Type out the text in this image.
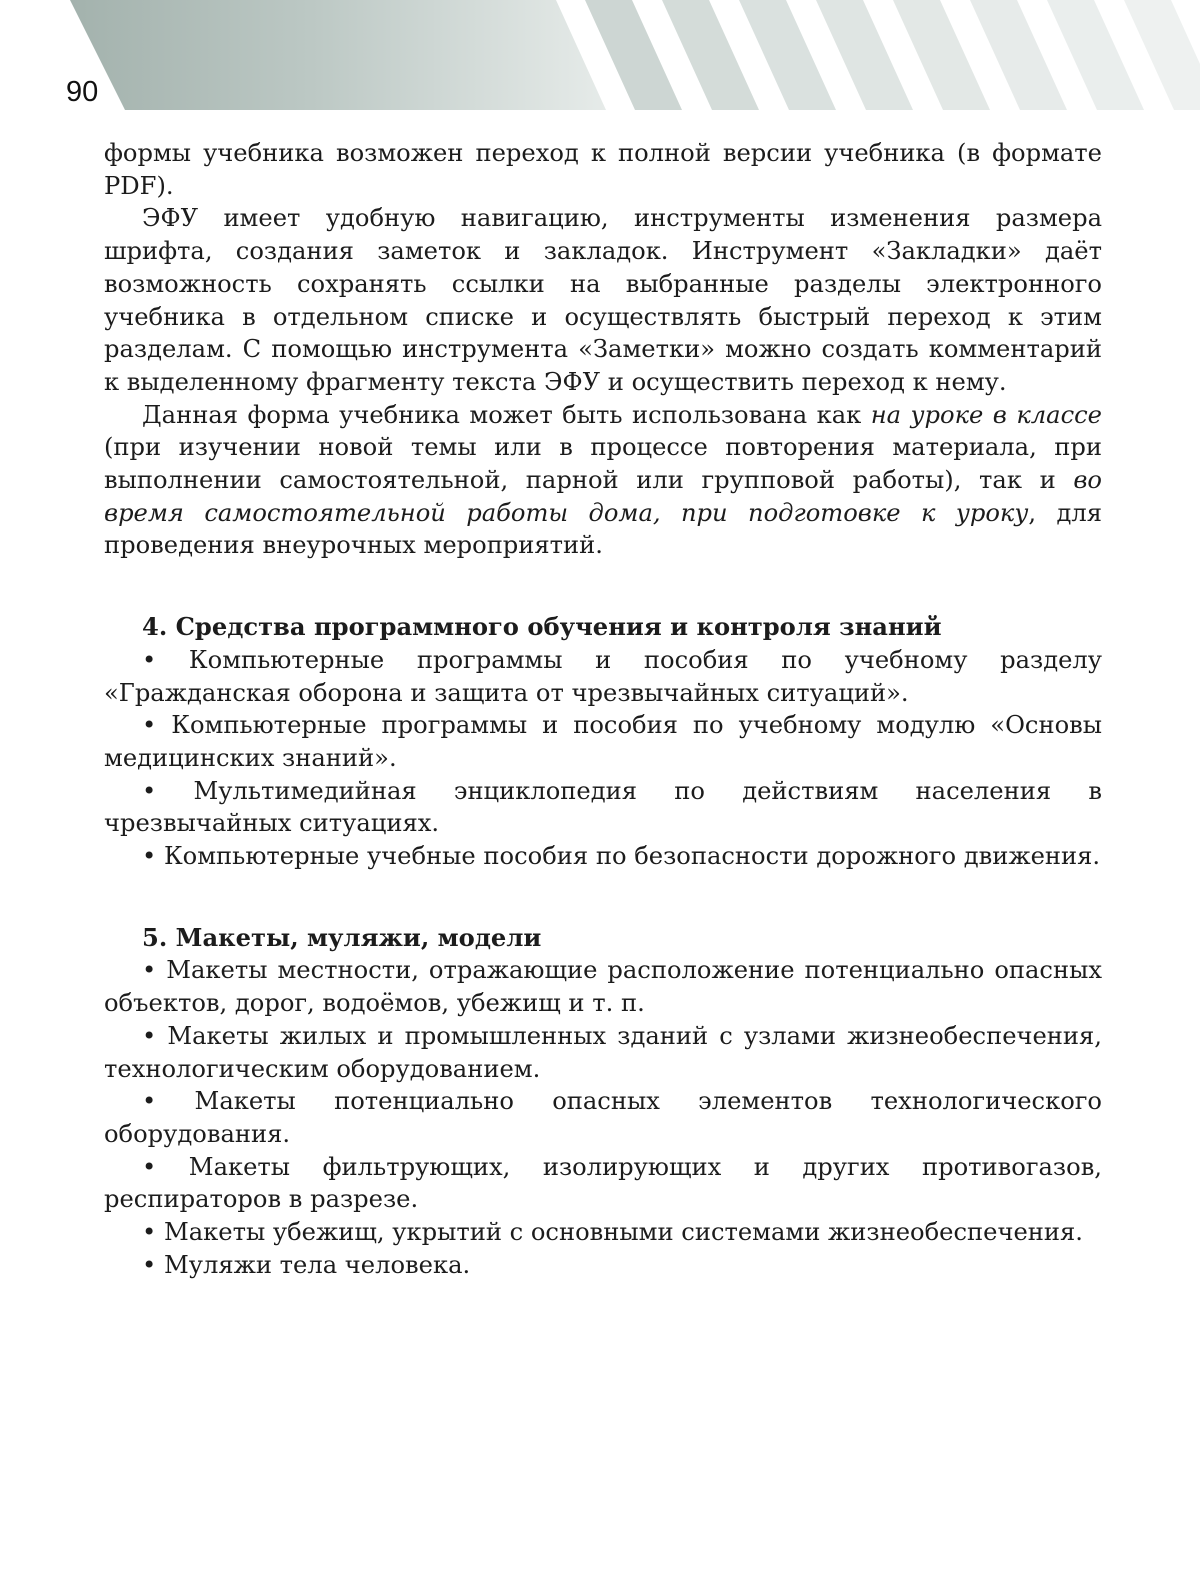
90

формы учебника возможен переход к полной версии учебника (в формате PDF).

ЭФУ имеет удобную навигацию, инструменты изменения размера шрифта, создания заметок и закладок. Инструмент «Закладки» даёт возможность сохранять ссылки на выбранные разделы электронного учебника в отдельном списке и осуществлять быстрый переход к этим разделам. С помощью инструмента «Заметки» можно создать комментарий к выделенному фрагменту текста ЭФУ и осуществить переход к нему.

Данная форма учебника может быть использована как на уроке в классе (при изучении новой темы или в процессе повторения материала, при выполнении самостоятельной, парной или групповой работы), так и во время самостоятельной работы дома, при подготовке к уроку, для проведения внеурочных мероприятий.

4. Средства программного обучения и контроля знаний

• Компьютерные программы и пособия по учебному разделу «Гражданская оборона и защита от чрезвычайных ситуаций».

• Компьютерные программы и пособия по учебному модулю «Основы медицинских знаний».

• Мультимедийная энциклопедия по действиям населения в чрезвычайных ситуациях.

• Компьютерные учебные пособия по безопасности дорожного движения.

5. Макеты, муляжи, модели

• Макеты местности, отражающие расположение потенциально опасных объектов, дорог, водоёмов, убежищ и т. п.

• Макеты жилых и промышленных зданий с узлами жизнеобеспечения, технологическим оборудованием.

• Макеты потенциально опасных элементов технологического оборудования.

• Макеты фильтрующих, изолирующих и других противогазов, респираторов в разрезе.

• Макеты убежищ, укрытий с основными системами жизнеобеспечения.

• Муляжи тела человека.
